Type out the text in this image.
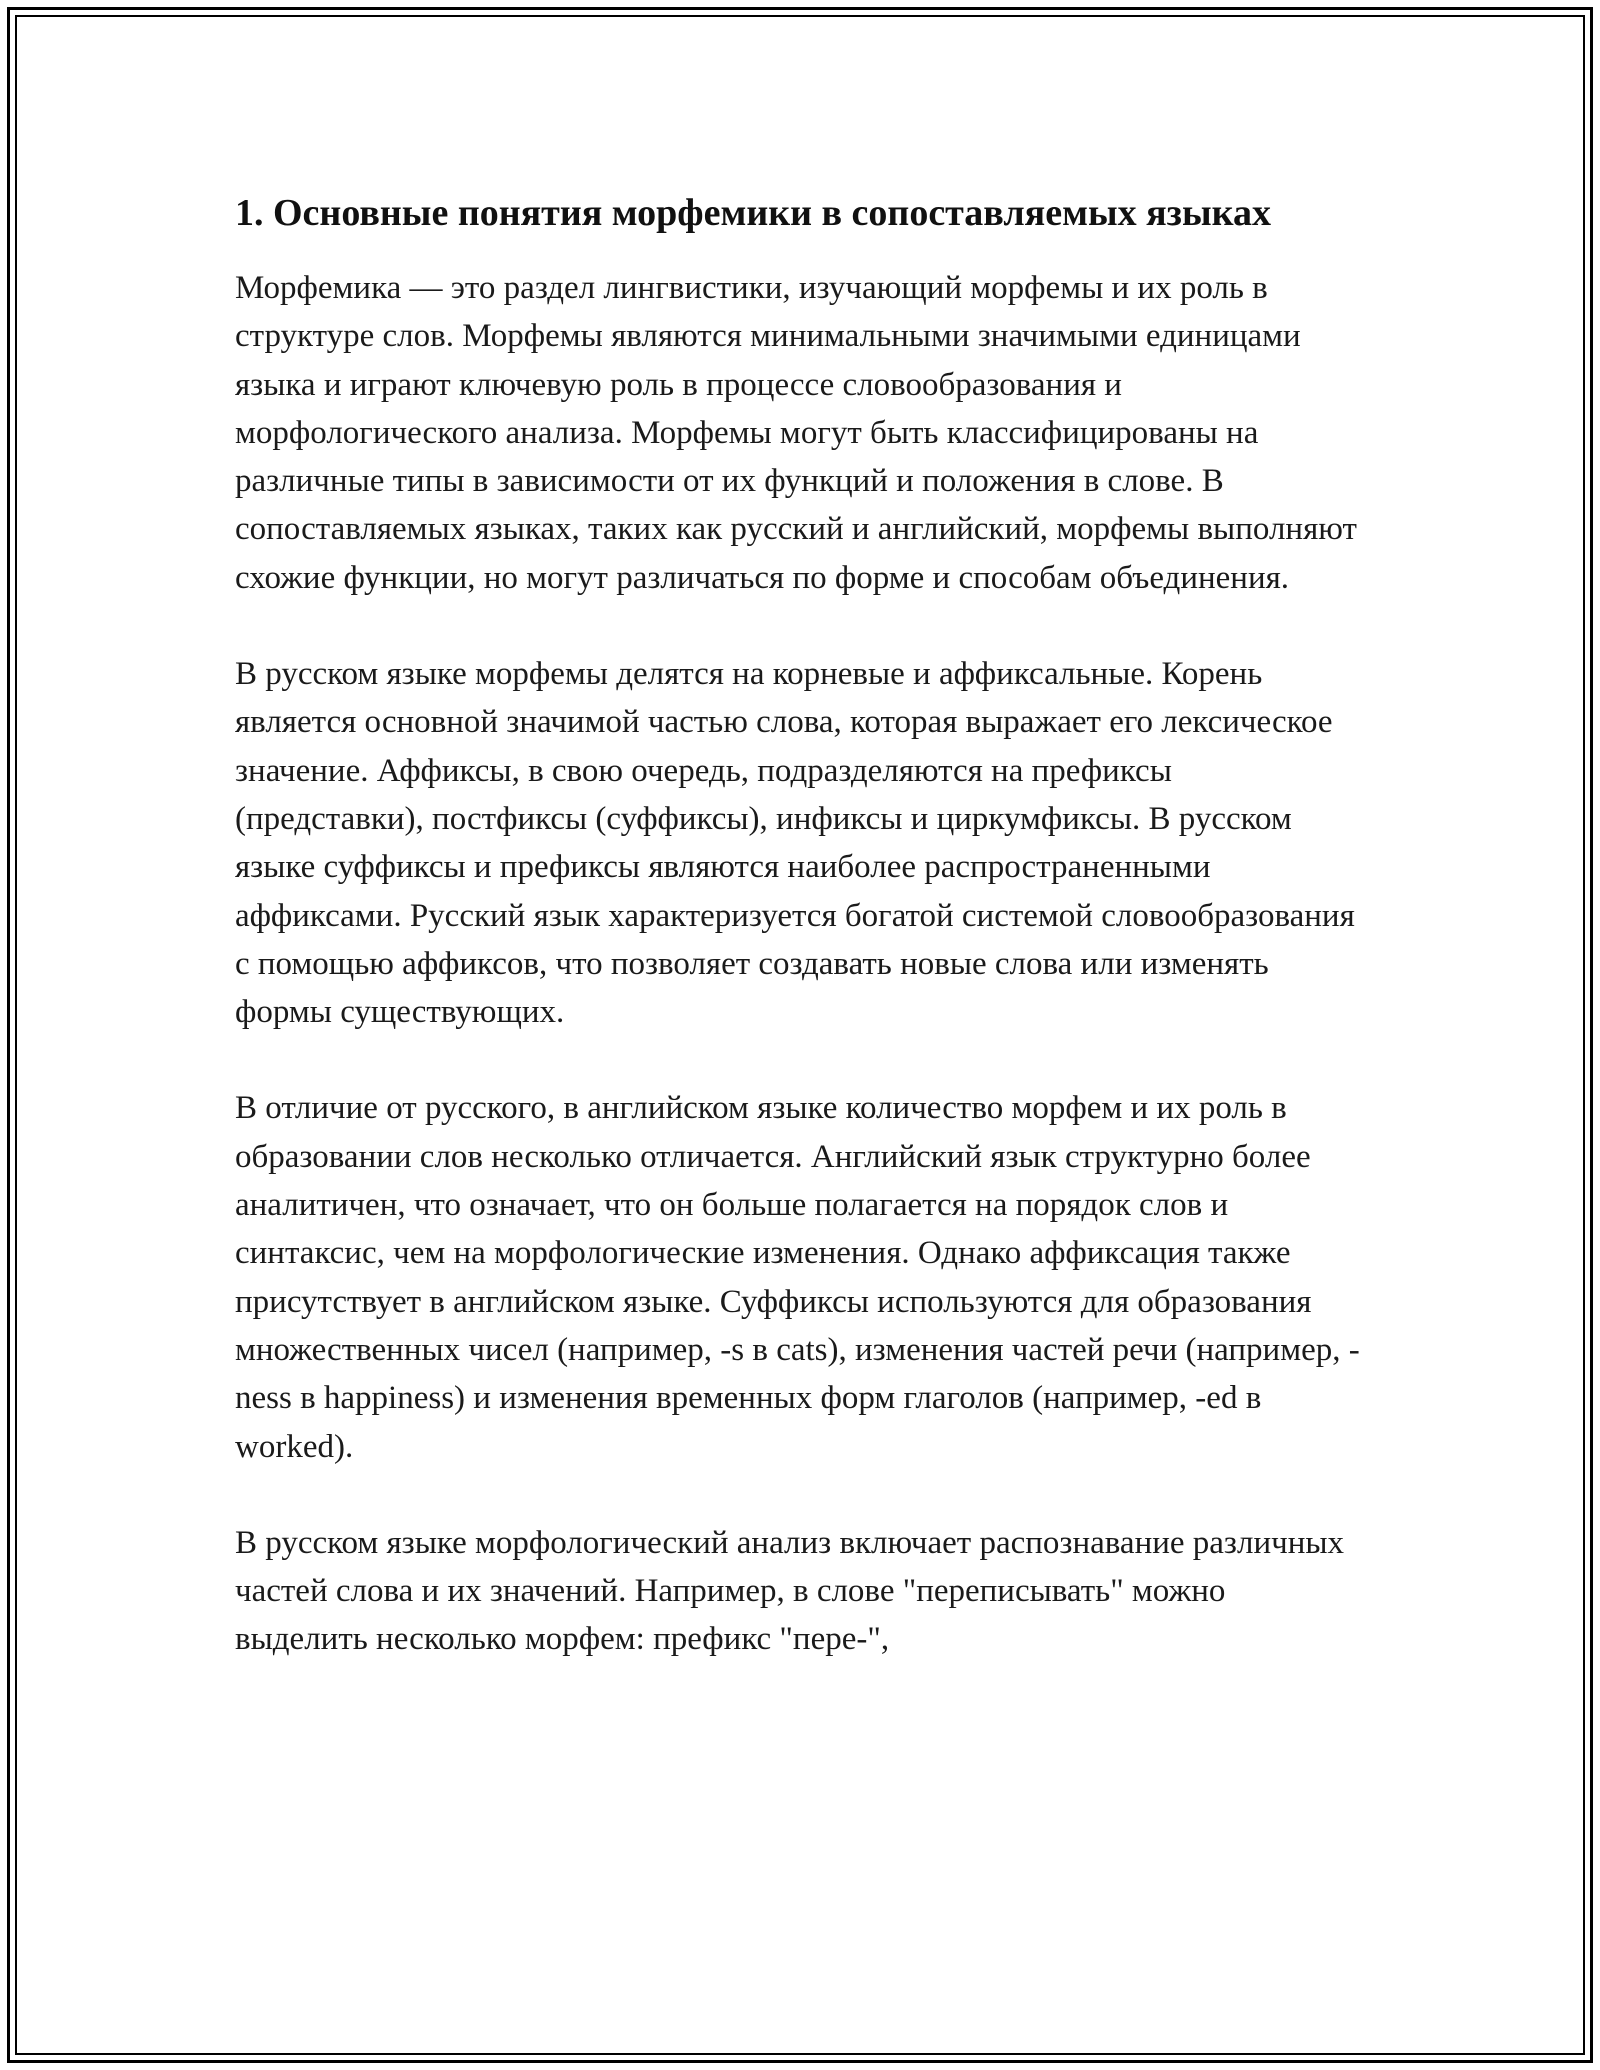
1. Основные понятия морфемики в сопоставляемых языках

Морфемика — это раздел лингвистики, изучающий морфемы и их роль в структуре слов. Морфемы являются минимальными значимыми единицами языка и играют ключевую роль в процессе словообразования и морфологического анализа. Морфемы могут быть классифицированы на различные типы в зависимости от их функций и положения в слове. В сопоставляемых языках, таких как русский и английский, морфемы выполняют схожие функции, но могут различаться по форме и способам объединения.

В русском языке морфемы делятся на корневые и аффиксальные. Корень является основной значимой частью слова, которая выражает его лексическое значение. Аффиксы, в свою очередь, подразделяются на префиксы (представки), постфиксы (суффиксы), инфиксы и циркумфиксы. В русском языке суффиксы и префиксы являются наиболее распространенными аффиксами. Русский язык характеризуется богатой системой словообразования с помощью аффиксов, что позволяет создавать новые слова или изменять формы существующих.

В отличие от русского, в английском языке количество морфем и их роль в образовании слов несколько отличается. Английский язык структурно более аналитичен, что означает, что он больше полагается на порядок слов и синтаксис, чем на морфологические изменения. Однако аффиксация также присутствует в английском языке. Суффиксы используются для образования множественных чисел (например, -s в cats), изменения частей речи (например, -ness в happiness) и изменения временных форм глаголов (например, -ed в worked).

В русском языке морфологический анализ включает распознавание различных частей слова и их значений. Например, в слове "переписывать" можно выделить несколько морфем: префикс "пере-",
